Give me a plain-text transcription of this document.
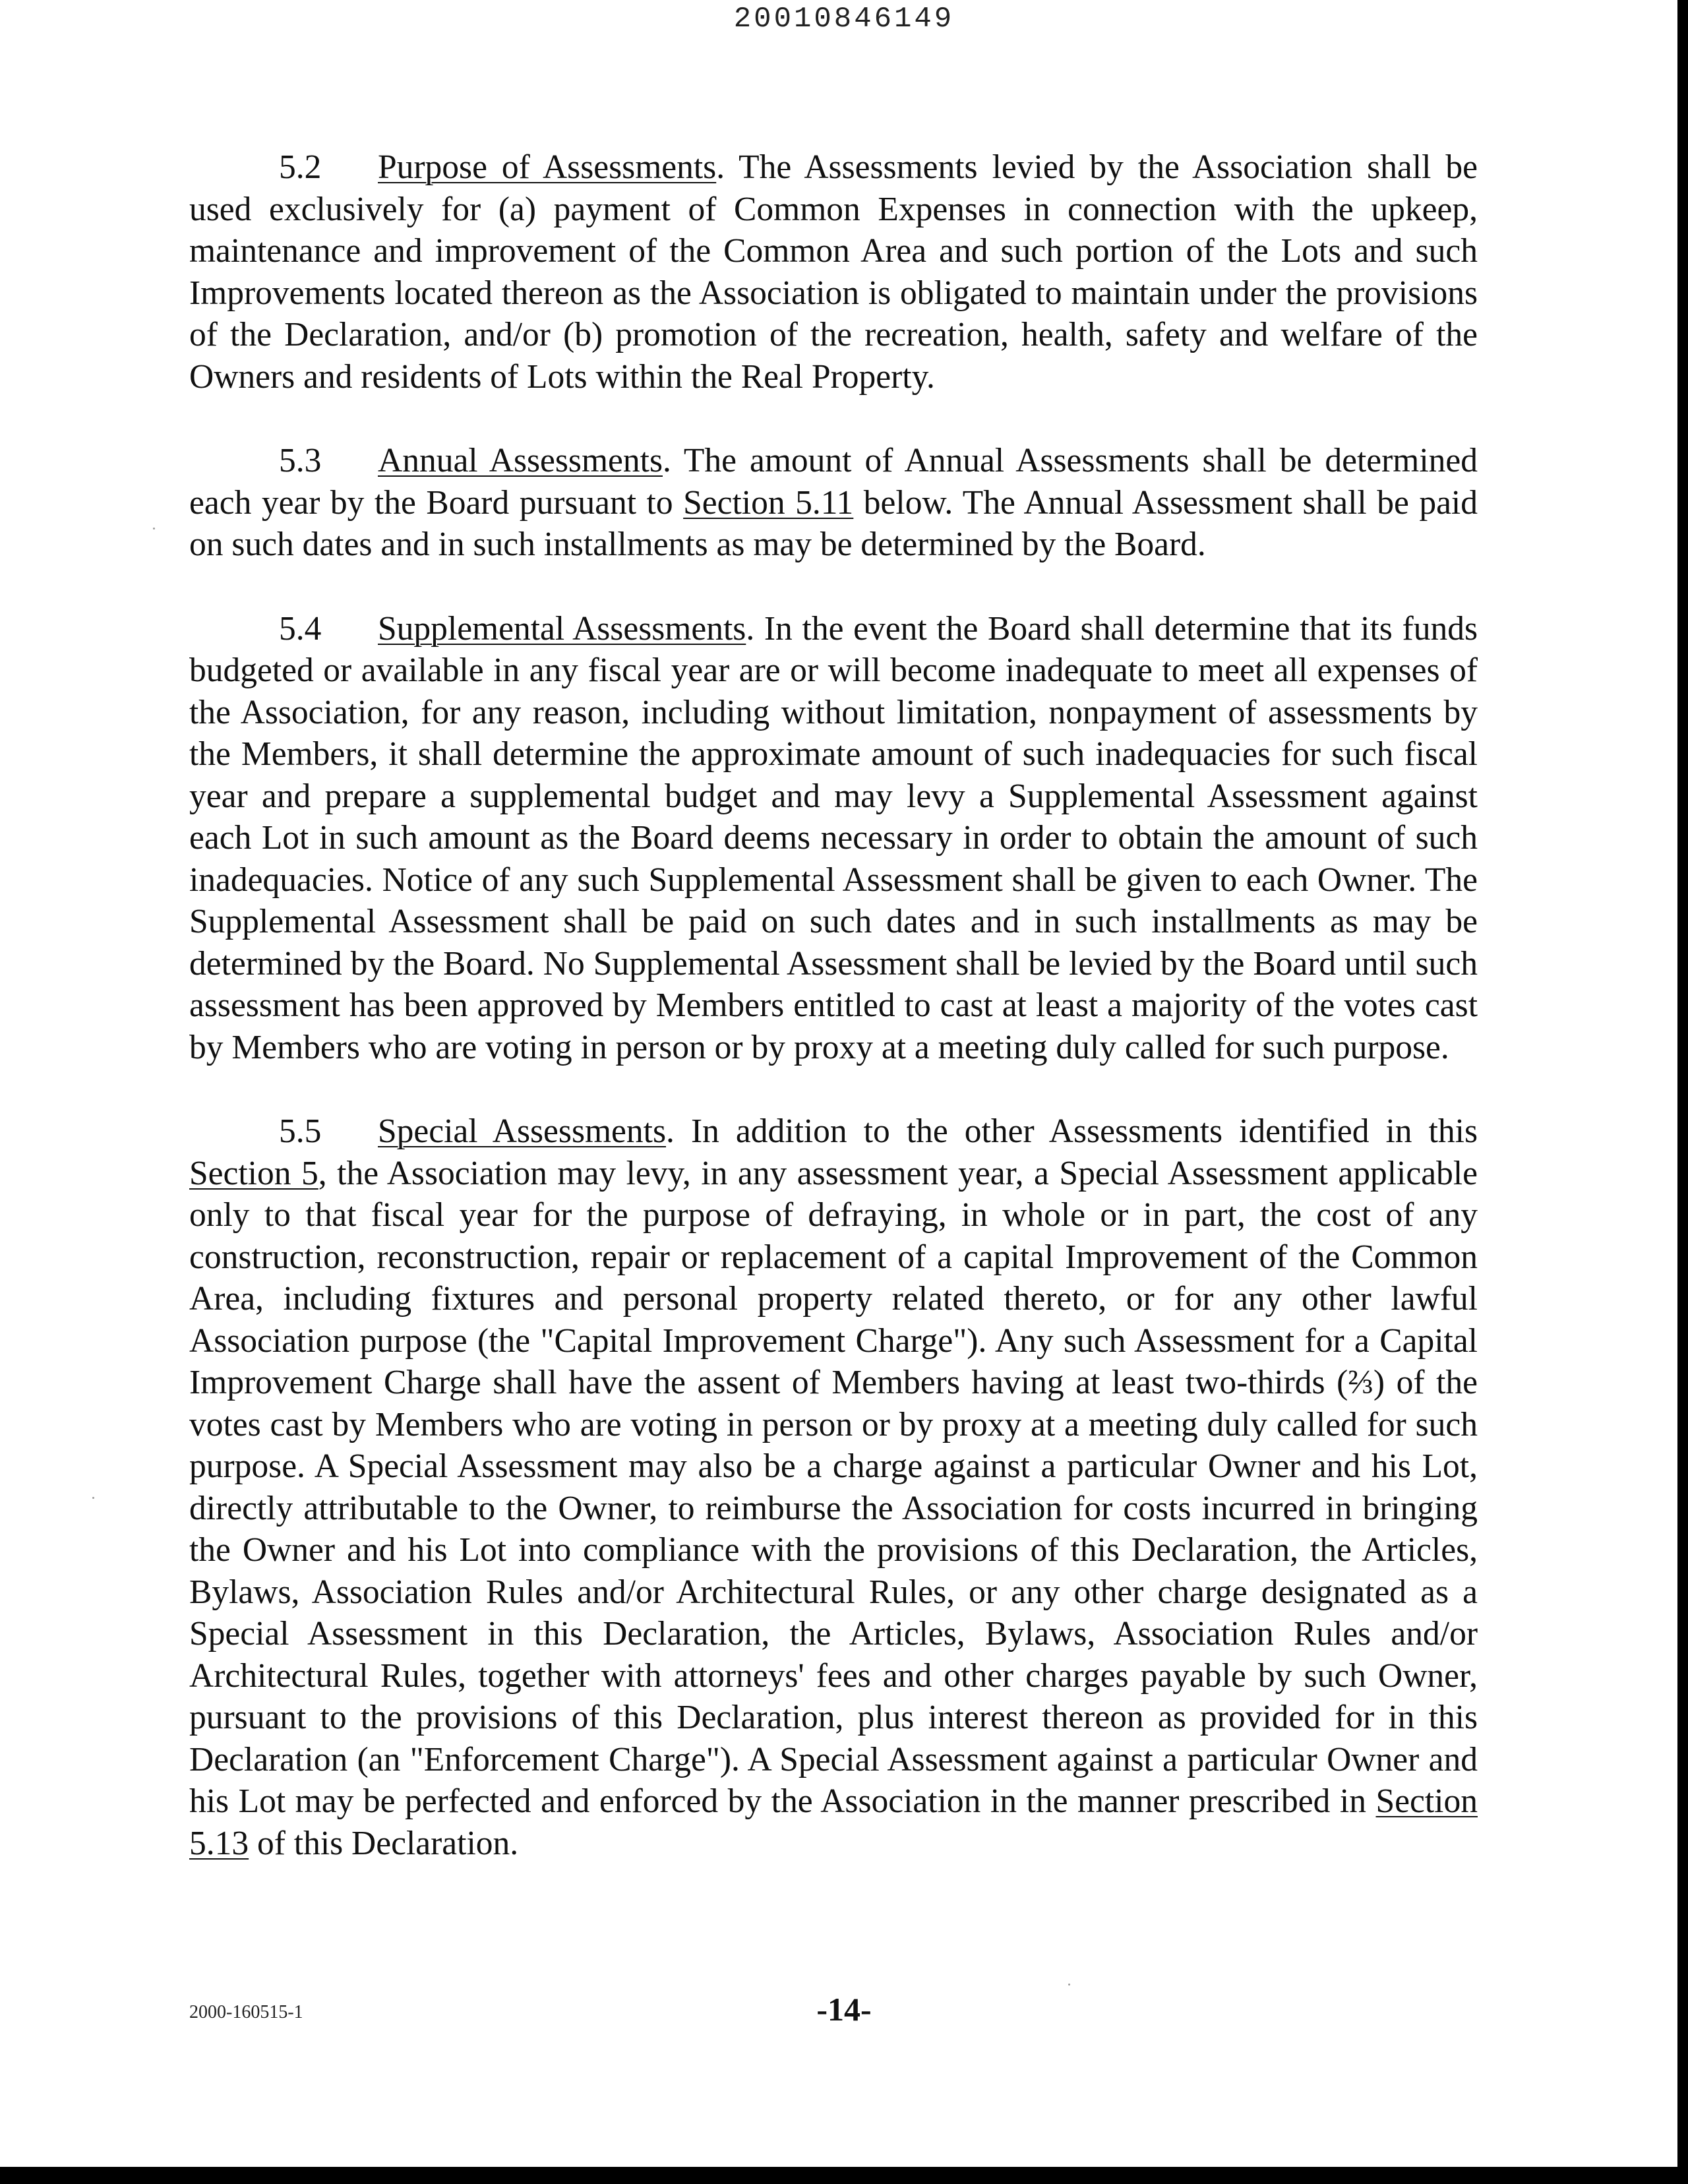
20010846149

5.2 Purpose of Assessments. The Assessments levied by the Association shall be used exclusively for (a) payment of Common Expenses in connection with the upkeep, maintenance and improvement of the Common Area and such portion of the Lots and such Improvements located thereon as the Association is obligated to maintain under the provisions of the Declaration, and/or (b) promotion of the recreation, health, safety and welfare of the Owners and residents of Lots within the Real Property.

5.3 Annual Assessments. The amount of Annual Assessments shall be determined each year by the Board pursuant to Section 5.11 below. The Annual Assessment shall be paid on such dates and in such installments as may be determined by the Board.

5.4 Supplemental Assessments. In the event the Board shall determine that its funds budgeted or available in any fiscal year are or will become inadequate to meet all expenses of the Association, for any reason, including without limitation, nonpayment of assessments by the Members, it shall determine the approximate amount of such inadequacies for such fiscal year and prepare a supplemental budget and may levy a Supplemental Assessment against each Lot in such amount as the Board deems necessary in order to obtain the amount of such inadequacies. Notice of any such Supplemental Assessment shall be given to each Owner. The Supplemental Assessment shall be paid on such dates and in such installments as may be determined by the Board. No Supplemental Assessment shall be levied by the Board until such assessment has been approved by Members entitled to cast at least a majority of the votes cast by Members who are voting in person or by proxy at a meeting duly called for such purpose.

5.5 Special Assessments. In addition to the other Assessments identified in this Section 5, the Association may levy, in any assessment year, a Special Assessment applicable only to that fiscal year for the purpose of defraying, in whole or in part, the cost of any construction, reconstruction, repair or replacement of a capital Improvement of the Common Area, including fixtures and personal property related thereto, or for any other lawful Association purpose (the "Capital Improvement Charge"). Any such Assessment for a Capital Improvement Charge shall have the assent of Members having at least two-thirds (⅔) of the votes cast by Members who are voting in person or by proxy at a meeting duly called for such purpose. A Special Assessment may also be a charge against a particular Owner and his Lot, directly attributable to the Owner, to reimburse the Association for costs incurred in bringing the Owner and his Lot into compliance with the provisions of this Declaration, the Articles, Bylaws, Association Rules and/or Architectural Rules, or any other charge designated as a Special Assessment in this Declaration, the Articles, Bylaws, Association Rules and/or Architectural Rules, together with attorneys' fees and other charges payable by such Owner, pursuant to the provisions of this Declaration, plus interest thereon as provided for in this Declaration (an "Enforcement Charge"). A Special Assessment against a particular Owner and his Lot may be perfected and enforced by the Association in the manner prescribed in Section 5.13 of this Declaration.

2000-160515-1	-14-
